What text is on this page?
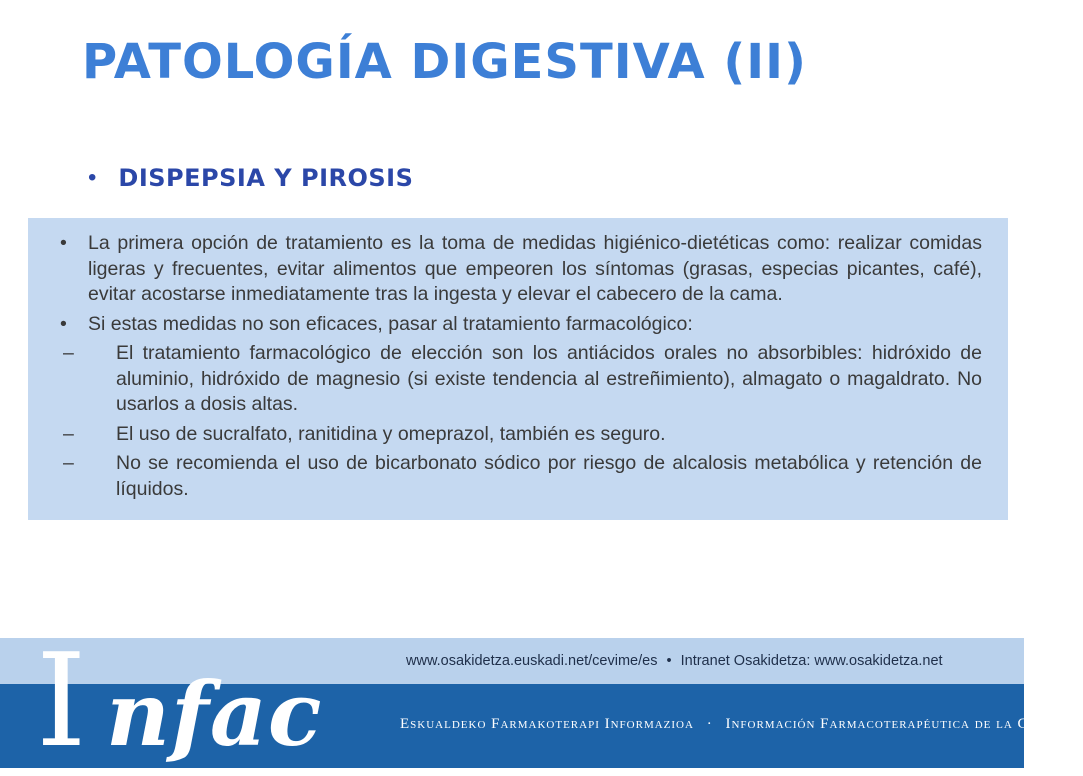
PATOLOGÍA DIGESTIVA (II)
• DISPEPSIA Y PIROSIS
•	La primera opción de tratamiento es la toma de medidas higiénico-dietéticas como: realizar comidas ligeras y frecuentes, evitar alimentos que empeoren los síntomas (grasas, especias picantes, café), evitar acostarse inmediatamente tras la ingesta y elevar el cabecero de la cama.
•	Si estas medidas no son eficaces, pasar al tratamiento farmacológico:
–	El tratamiento farmacológico de elección son los antiácidos orales no absorbibles: hidróxido de aluminio, hidróxido de magnesio (si existe tendencia al estreñimiento), almagato o magaldrato. No usarlos a dosis altas.
–	El uso de sucralfato, ranitidina y omeprazol, también es seguro.
–	No se recomienda el uso de bicarbonato sódico por riesgo de alcalosis metabólica y retención de líquidos.
www.osakidetza.euskadi.net/cevime/es • Intranet Osakidetza: www.osakidetza.net
I nfac	Eskualdeko Farmakoterapi Informazioa · Información Farmacoterapéutica de la Comarca
